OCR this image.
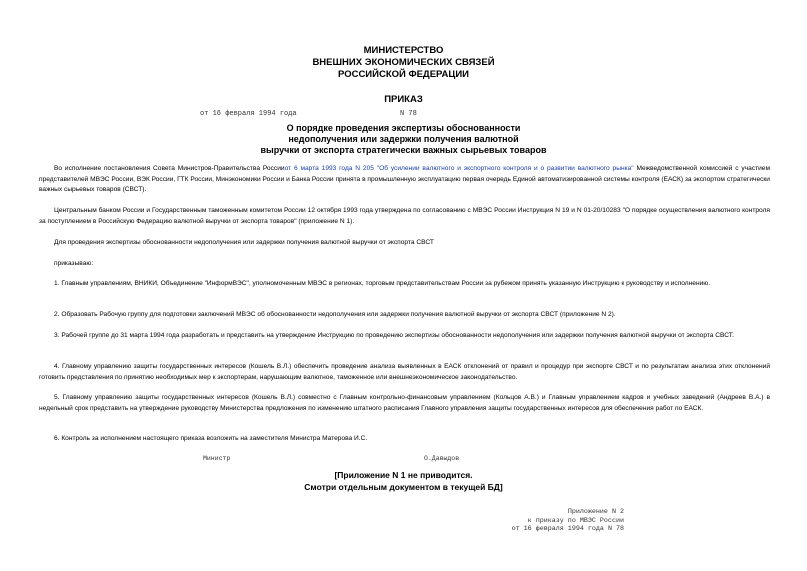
МИНИСТЕРСТВО
ВНЕШНИХ ЭКОНОМИЧЕСКИХ СВЯЗЕЙ
РОССИЙСКОЙ ФЕДЕРАЦИИ
ПРИКАЗ
от 16 февраля 1994 года	N 78
О порядке проведения экспертизы обоснованности
недополучения или задержки получения валютной
выручки от экспорта стратегически важных сырьевых товаров
Во исполнение постановления Совета Министров-Правительства Россииот 6 марта 1993 года N 205 "Об усилении валютного и экспортного контроля и о развитии валютного рынка" Межведомственной комиссией с участием представителей МВЭС России, ВЭК России, ГТК России, Минэкономики России и Банка России принята в промышленную эксплуатацию первая очередь Единой автоматизированной системы контроля (ЕАСК) за экспортом стратегически важных сырьевых товаров (СВСТ).
Центральным банком России и Государственным таможенным комитетом России 12 октября 1993 года утверждена по согласованию с МВЭС России Инструкция N 19 и N 01-20/10283 "О порядке осуществления валютного контроля за поступлением в Российскую Федерацию валютной выручки от экспорта товаров" (приложение N 1).
Для проведения экспертизы обоснованности недополучения или задержки получения валютной выручки от экспорта СВСТ
приказываю:
1. Главным управлениям, ВНИКИ, Объединение "ИнформВЭС", уполномоченным МВЭС в регионах, торговым представительствам России за рубежом принять указанную Инструкцию к руководству и исполнению.
2. Образовать Рабочую группу для подготовки заключений МВЭС об обоснованности недополучения или задержки получения валютной выручки от экспорта СВСТ (приложение N 2).
3. Рабочей группе до 31 марта 1994 года разработать и представить на утверждение Инструкцию по проведению экспертизы обоснованности недополучения или задержки получения валютной выручки от экспорта СВСТ.
4. Главному управлению защиты государственных интересов (Кошель В.Л.) обеспечить проведение анализа выявленных в ЕАСК отклонений от правил и процедур при экспорте СВСТ и по результатам анализа этих отклонений готовить представления по принятию необходимых мер к экспортерам, нарушающим валютное, таможенное или внешнеэкономическое законодательство.
5. Главному управлению защиты государственных интересов (Кошель В.Л.) совместно с Главным контрольно-финансовым управлением (Кольцов А.В.) и Главным управлением кадров и учебных заведений (Андреев В.А.) в недельный срок представить на утверждение руководству Министерства предложения по изменению штатного расписания Главного управления защиты государственных интересов для обеспечения работ по ЕАСК.
6. Контроль за исполнением настоящего приказа возложить на заместителя Министра Матерова И.С.
Министр	О.Давыдов
[Приложение N 1 не приводится.
Смотри отдельным документом в текущей БД]
Приложение N 2
к приказу по МВЭС России
от 16 февраля 1994 года N 78
